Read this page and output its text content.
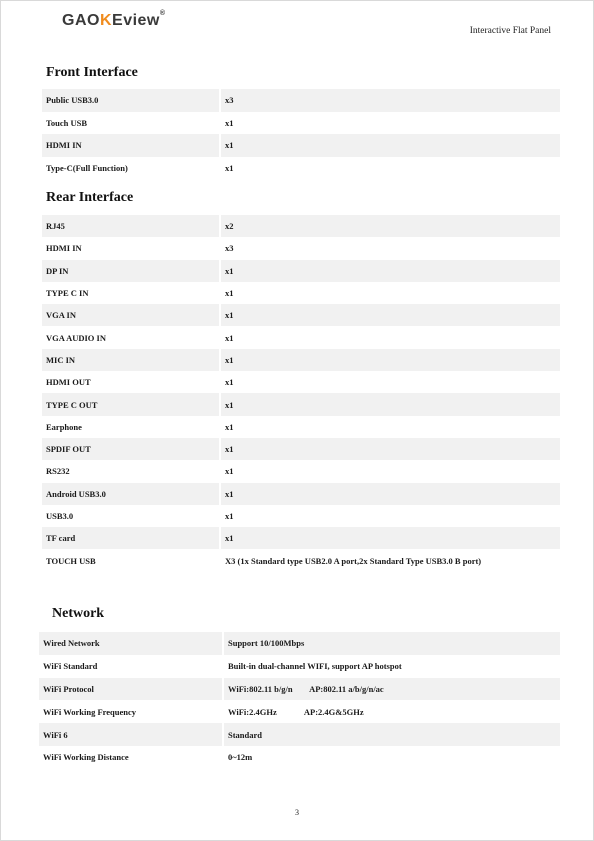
GAOKEview®
Interactive Flat Panel
Front Interface
Public USB3.0	x3
Touch USB	x1
HDMI IN	x1
Type-C(Full Function)	x1
Rear Interface
RJ45	x2
HDMI IN	x3
DP IN	x1
TYPE C IN	x1
VGA IN	x1
VGA AUDIO IN	x1
MIC IN	x1
HDMI OUT	x1
TYPE C OUT	x1
Earphone	x1
SPDIF OUT	x1
RS232	x1
Android USB3.0	x1
USB3.0	x1
TF card	x1
TOUCH USB	X3 (1x Standard type USB2.0 A port,2x Standard Type USB3.0 B port)
Network
Wired Network	Support 10/100Mbps
WiFi Standard	Built-in dual-channel WIFI, support AP hotspot
WiFi Protocol	WiFi:802.11 b/g/n        AP:802.11 a/b/g/n/ac
WiFi Working Frequency	WiFi:2.4GHz             AP:2.4G&5GHz
WiFi 6	Standard
WiFi Working Distance	0~12m
3
